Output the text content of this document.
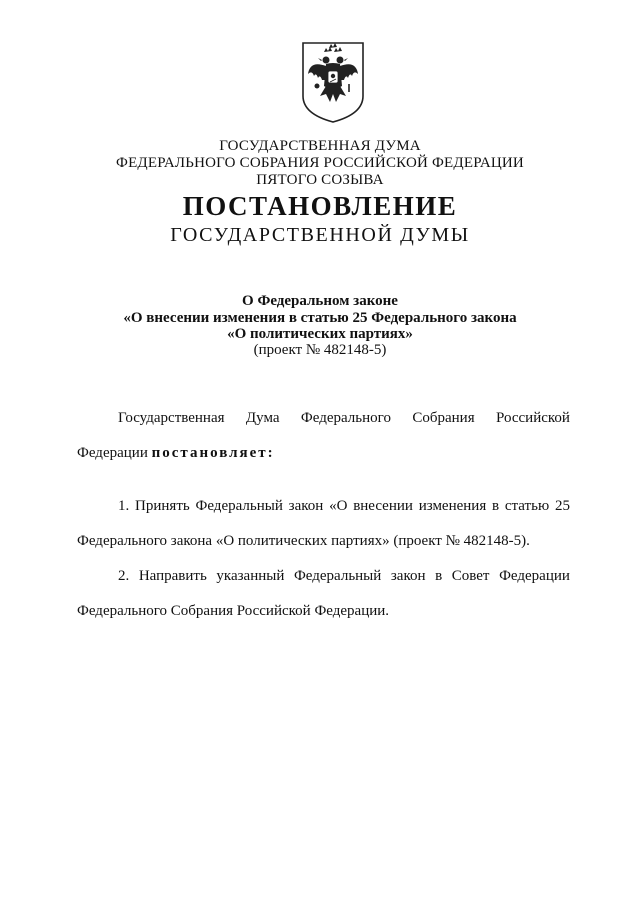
ГОСУДАРСТВЕННАЯ ДУМА
ФЕДЕРАЛЬНОГО СОБРАНИЯ РОССИЙСКОЙ ФЕДЕРАЦИИ
ПЯТОГО СОЗЫВА
ПОСТАНОВЛЕНИЕ
ГОСУДАРСТВЕННОЙ ДУМЫ
О Федеральном законе
«О внесении изменения в статью 25 Федерального закона
«О политических партиях»
(проект № 482148-5)
Государственная Дума Федерального Собрания Российской
Федерации постановляет:
1. Принять Федеральный закон «О внесении изменения в статью 25
Федерального закона «О политических партиях» (проект № 482148-5).
2. Направить указанный Федеральный закон в Совет Федерации
Федерального Собрания Российской Федерации.
